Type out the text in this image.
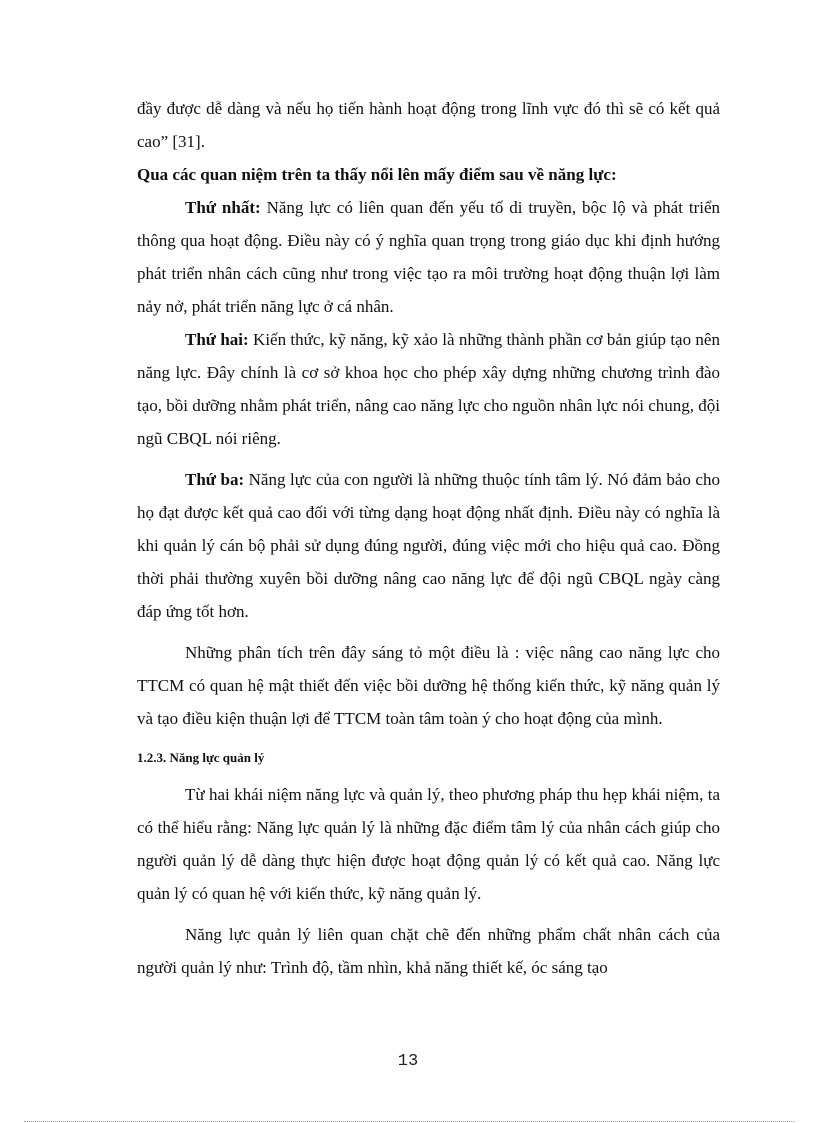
đầy được dễ dàng và nếu họ tiến hành hoạt động trong lĩnh vực đó thì sẽ có kết quả cao” [31].

Qua các quan niệm trên ta thấy nổi lên mấy điểm sau về năng lực:

Thứ nhất: Năng lực có liên quan đến yếu tố di truyền, bộc lộ và phát triển thông qua hoạt động. Điều này có ý nghĩa quan trọng trong giáo dục khi định hướng phát triển nhân cách cũng như trong việc tạo ra môi trường hoạt động thuận lợi làm nảy nở, phát triển năng lực ở cá nhân.

Thứ hai: Kiến thức, kỹ năng, kỹ xảo là những thành phần cơ bản giúp tạo nên năng lực. Đây chính là cơ sở khoa học cho phép xây dựng những chương trình đào tạo, bồi dưỡng nhằm phát triển, nâng cao năng lực cho nguồn nhân lực nói chung, đội ngũ CBQL nói riêng.

Thứ ba: Năng lực của con người là những thuộc tính tâm lý. Nó đảm bảo cho họ đạt được kết quả cao đối với từng dạng hoạt động nhất định. Điều này có nghĩa là khi quản lý cán bộ phải sử dụng đúng người, đúng việc mới cho hiệu quả cao. Đồng thời phải thường xuyên bồi dưỡng nâng cao năng lực để đội ngũ CBQL ngày càng đáp ứng tốt hơn.

Những phân tích trên đây sáng tỏ một điều là : việc nâng cao năng lực cho TTCM có quan hệ mật thiết đến việc bồi dưỡng hệ thống kiến thức, kỹ năng quản lý và tạo điều kiện thuận lợi để TTCM toàn tâm toàn ý cho hoạt động của mình.

1.2.3. Năng lực quản lý

Từ hai khái niệm năng lực và quản lý, theo phương pháp thu hẹp khái niệm, ta có thể hiểu rằng: Năng lực quản lý là những đặc điểm tâm lý của nhân cách giúp cho người quản lý dễ dàng thực hiện được hoạt động quản lý có kết quả cao. Năng lực quản lý có quan hệ với kiến thức, kỹ năng quản lý.

Năng lực quản lý liên quan chặt chẽ đến những phẩm chất nhân cách của người quản lý như: Trình độ, tầm nhìn, khả năng thiết kế, óc sáng tạo

13
